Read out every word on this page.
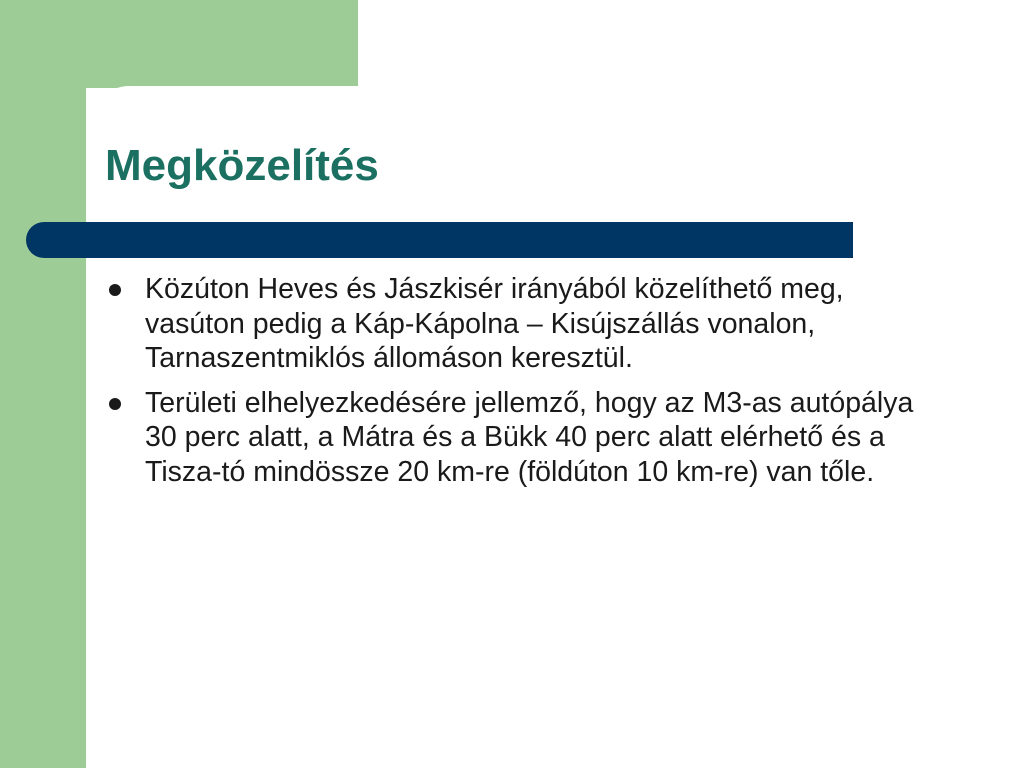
Megközelítés
Közúton Heves és Jászkisér irányából közelíthető meg, vasúton pedig a Káp-Kápolna – Kisújszállás vonalon, Tarnaszentmiklós állomáson keresztül.
Területi elhelyezkedésére jellemző, hogy az M3-as autópálya 30 perc alatt, a Mátra és a Bükk 40 perc alatt elérhető és a Tisza-tó mindössze 20 km-re (földúton 10 km-re) van tőle.
